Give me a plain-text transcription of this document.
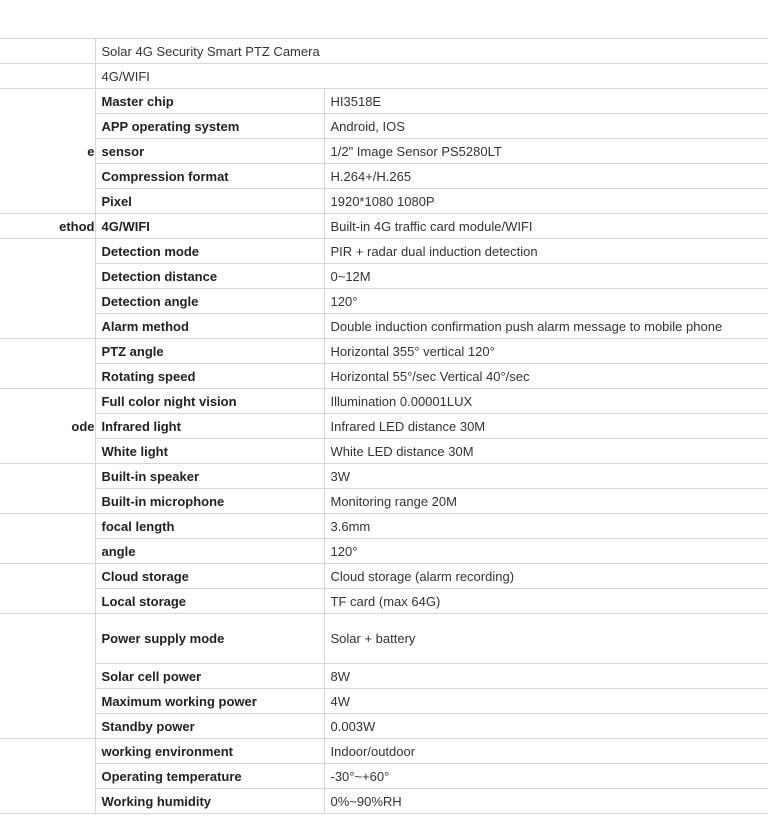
	Solar 4G Security Smart PTZ Camera	
	4G/WIFI	
e	Master chip	HI3518E
	APP operating system	Android, IOS
	sensor	1/2" Image Sensor PS5280LT
	Compression format	H.264+/H.265
	Pixel	1920*1080 1080P
ethod	4G/WIFI	Built-in 4G traffic card module/WIFI
	Detection mode	PIR + radar dual induction detection
	Detection distance	0~12M
	Detection angle	120°
	Alarm method	Double induction confirmation push alarm message to mobile phone
	PTZ angle	Horizontal 355° vertical 120°
	Rotating speed	Horizontal 55°/sec Vertical 40°/sec
ode	Full color night vision	Illumination 0.00001LUX
	Infrared light	Infrared LED distance 30M
	White light	White LED distance 30M
	Built-in speaker	3W
	Built-in microphone	Monitoring range 20M
	focal length	3.6mm
	angle	120°
	Cloud storage	Cloud storage (alarm recording)
	Local storage	TF card (max 64G)
	Power supply mode	Solar + battery
	Solar cell power	8W
	Maximum working power	4W
	Standby power	0.003W
	working environment	Indoor/outdoor
	Operating temperature	-30°~+60°
	Working humidity	0%~90%RH
